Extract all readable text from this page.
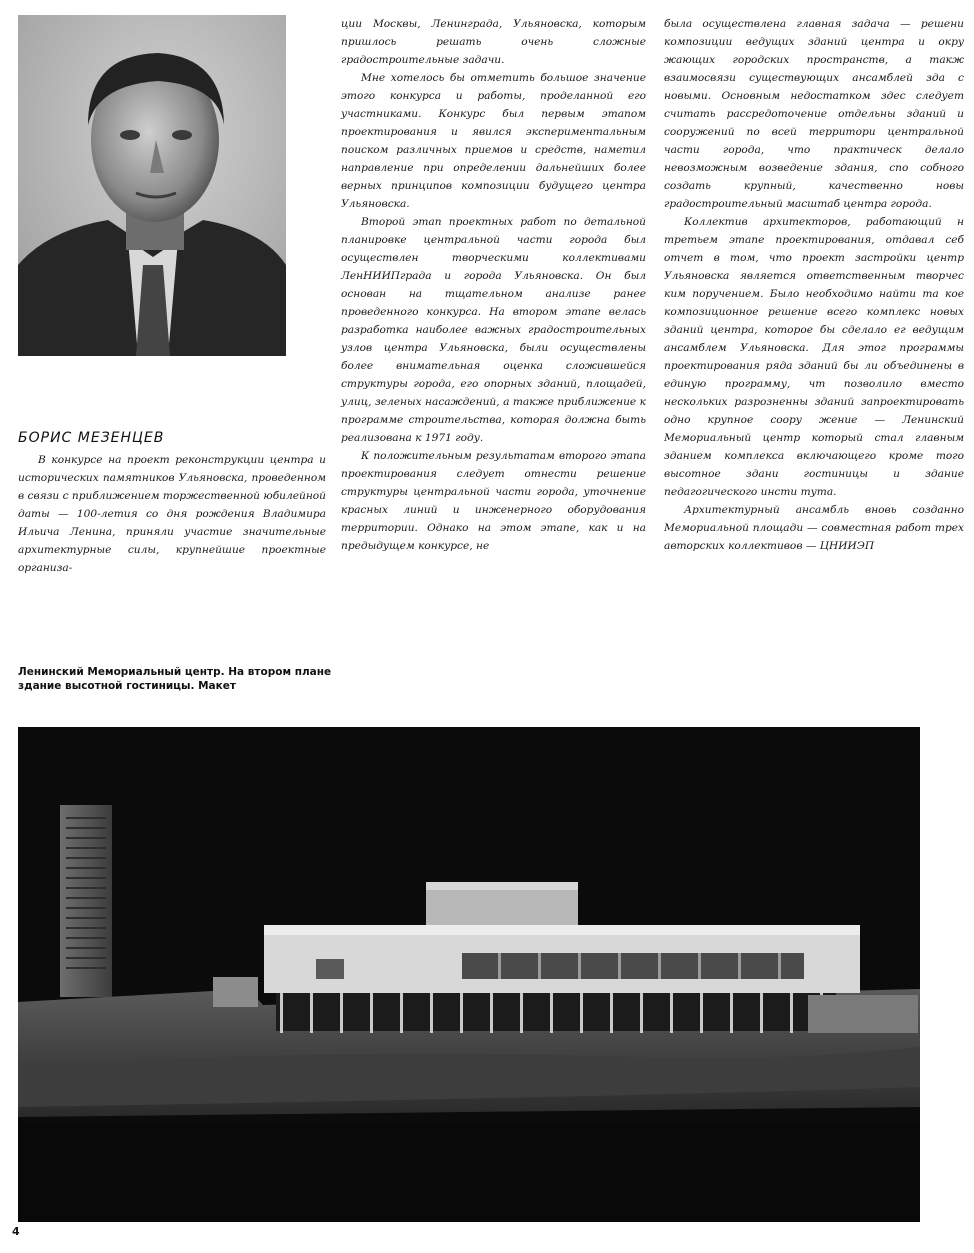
БОРИС МЕЗЕНЦЕВ

В конкурсе на проект реконструкции центра и исторических памятников Ульяновска, проведенном в связи с приближением торжественной юбилейной даты — 100-летия со дня рождения Владимира Ильича Ленина, приняли участие значительные архитектурные силы, крупнейшие проектные организа-

ции Москвы, Ленинграда, Ульяновска, которым пришлось решать очень сложные градостроительные задачи.

Мне хотелось бы отметить большое значение этого конкурса и работы, проделанной его участниками. Конкурс был первым этапом проектирования и явился экспериментальным поиском различных приемов и средств, наметил направление при определении дальнейших более верных принципов композиции будущего центра Ульяновска.

Второй этап проектных работ по детальной планировке центральной части города был осуществлен творческими коллективами ЛенНИИПграда и города Ульяновска. Он был основан на тщательном анализе ранее проведенного конкурса. На втором этапе велась разработка наиболее важных градостроительных узлов центра Ульяновска, были осуществлены более внимательная оценка сложившейся структуры города, его опорных зданий, площадей, улиц, зеленых насаждений, а также приближение к программе строительства, которая должна быть реализована к 1971 году.

К положительным результатам второго этапа проектирования следует отнести решение структуры центральной части города, уточнение красных линий и инженерного оборудования территории. Однако на этом этапе, как и на предыдущем конкурсе, не

была осуществлена главная задача — решени композиции ведущих зданий центра и окру жающих городских пространств, а такж взаимосвязи существующих ансамблей зда с новыми. Основным недостатком здес следует считать рассредоточение отдельны зданий и сооружений по всей территори центральной части города, что практическ делало невозможным возведение здания, спо собного создать крупный, качественно новы градостроительный масштаб центра города.

Коллектив архитекторов, работающий н третьем этапе проектирования, отдавал себ отчет в том, что проект застройки центр Ульяновска является ответственным творчес ким поручением. Было необходимо найти та кое композиционное решение всего комплекс новых зданий центра, которое бы сделало ег ведущим ансамблем Ульяновска. Для этог программы проектирования ряда зданий бы ли объединены в единую программу, чт позволило вместо нескольких разрозненны зданий запроектировать одно крупное соору жение — Ленинский Мемориальный центр который стал главным зданием комплекса включающего кроме того высотное здани гостиницы и здание педагогического инсти тута.

Архитектурный ансамбль вновь созданно Мемориальной площади — совместная работ трех авторских коллективов — ЦНИИЭП

Ленинский Мемориальный центр. На втором плане здание высотной гостиницы. Макет
4
